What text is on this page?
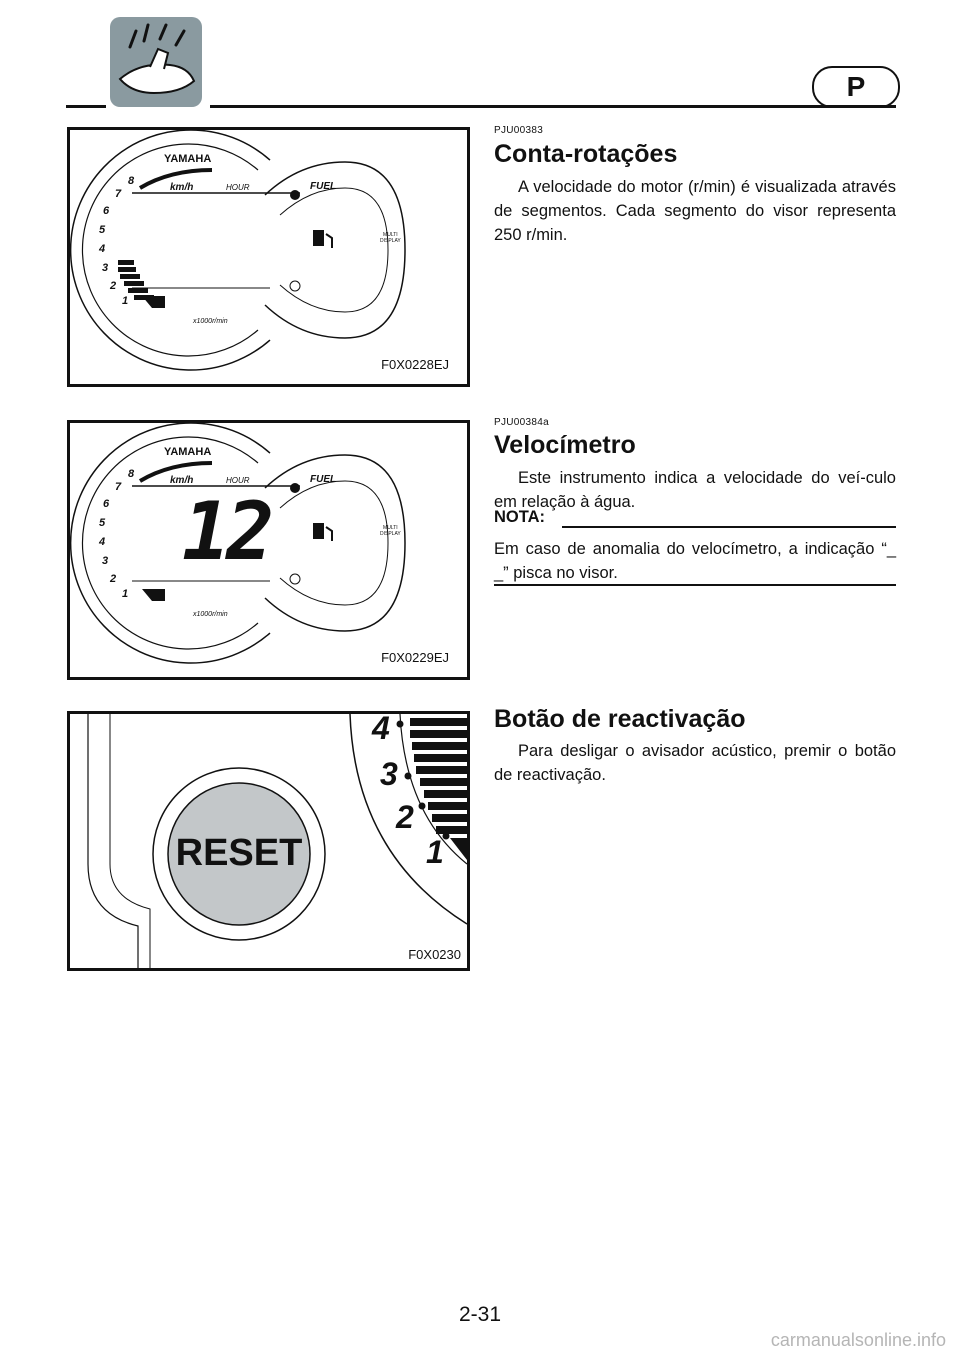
P
YAMAHA
km/h	HOUR	FUEL
MULTI
DISPLAY
x1000r/min
1
2
3
4
5
6
7
8
F0X0228EJ
PJU00383
Conta-rotações
A velocidade do motor (r/min) é visualizada através de segmentos. Cada segmento do visor representa 250 r/min.
YAMAHA
km/h	HOUR	FUEL
MULTI
DISPLAY
12
x1000r/min
1
2
3
4
5
6
7
8
F0X0229EJ
PJU00384a
Velocímetro
Este instrumento indica a velocidade do veí-culo em relação à água.
NOTA:
Em caso de anomalia do velocímetro, a indicação “_ _” pisca no visor.
RESET	1
2
3
4
F0X0230
Botão de reactivação
Para desligar o avisador acústico, premir o botão de reactivação.
2-31
carmanualsonline.info
